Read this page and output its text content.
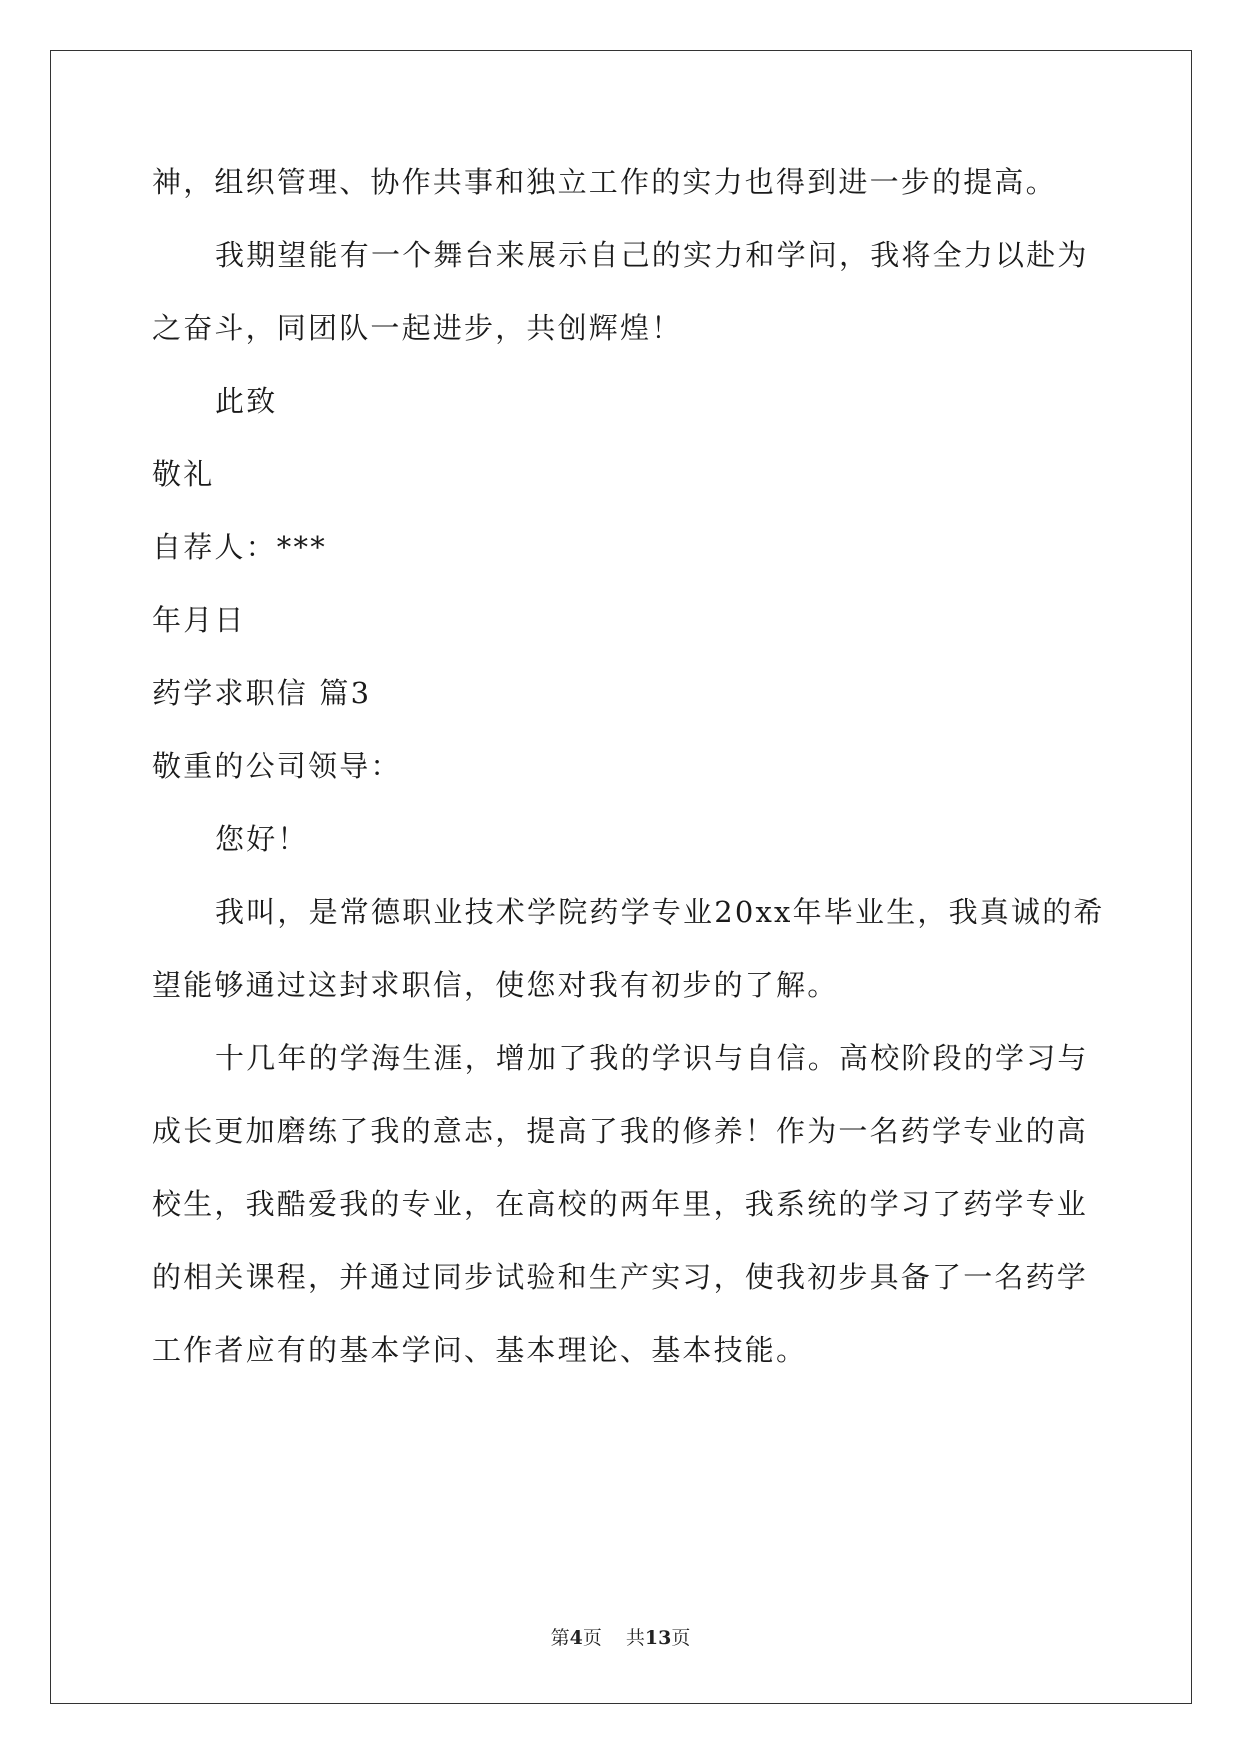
神，组织管理、协作共事和独立工作的实力也得到进一步的提高。
我期望能有一个舞台来展示自己的实力和学问，我将全力以赴为
之奋斗，同团队一起进步，共创辉煌！
此致
敬礼
自荐人：***
年月日
药学求职信 篇3
敬重的公司领导：
您好！
我叫，是常德职业技术学院药学专业20xx年毕业生，我真诚的希
望能够通过这封求职信，使您对我有初步的了解。
十几年的学海生涯，增加了我的学识与自信。高校阶段的学习与
成长更加磨练了我的意志，提高了我的修养！作为一名药学专业的高
校生，我酷爱我的专业，在高校的两年里，我系统的学习了药学专业
的相关课程，并通过同步试验和生产实习，使我初步具备了一名药学
工作者应有的基本学问、基本理论、基本技能。
第4页 共13页
